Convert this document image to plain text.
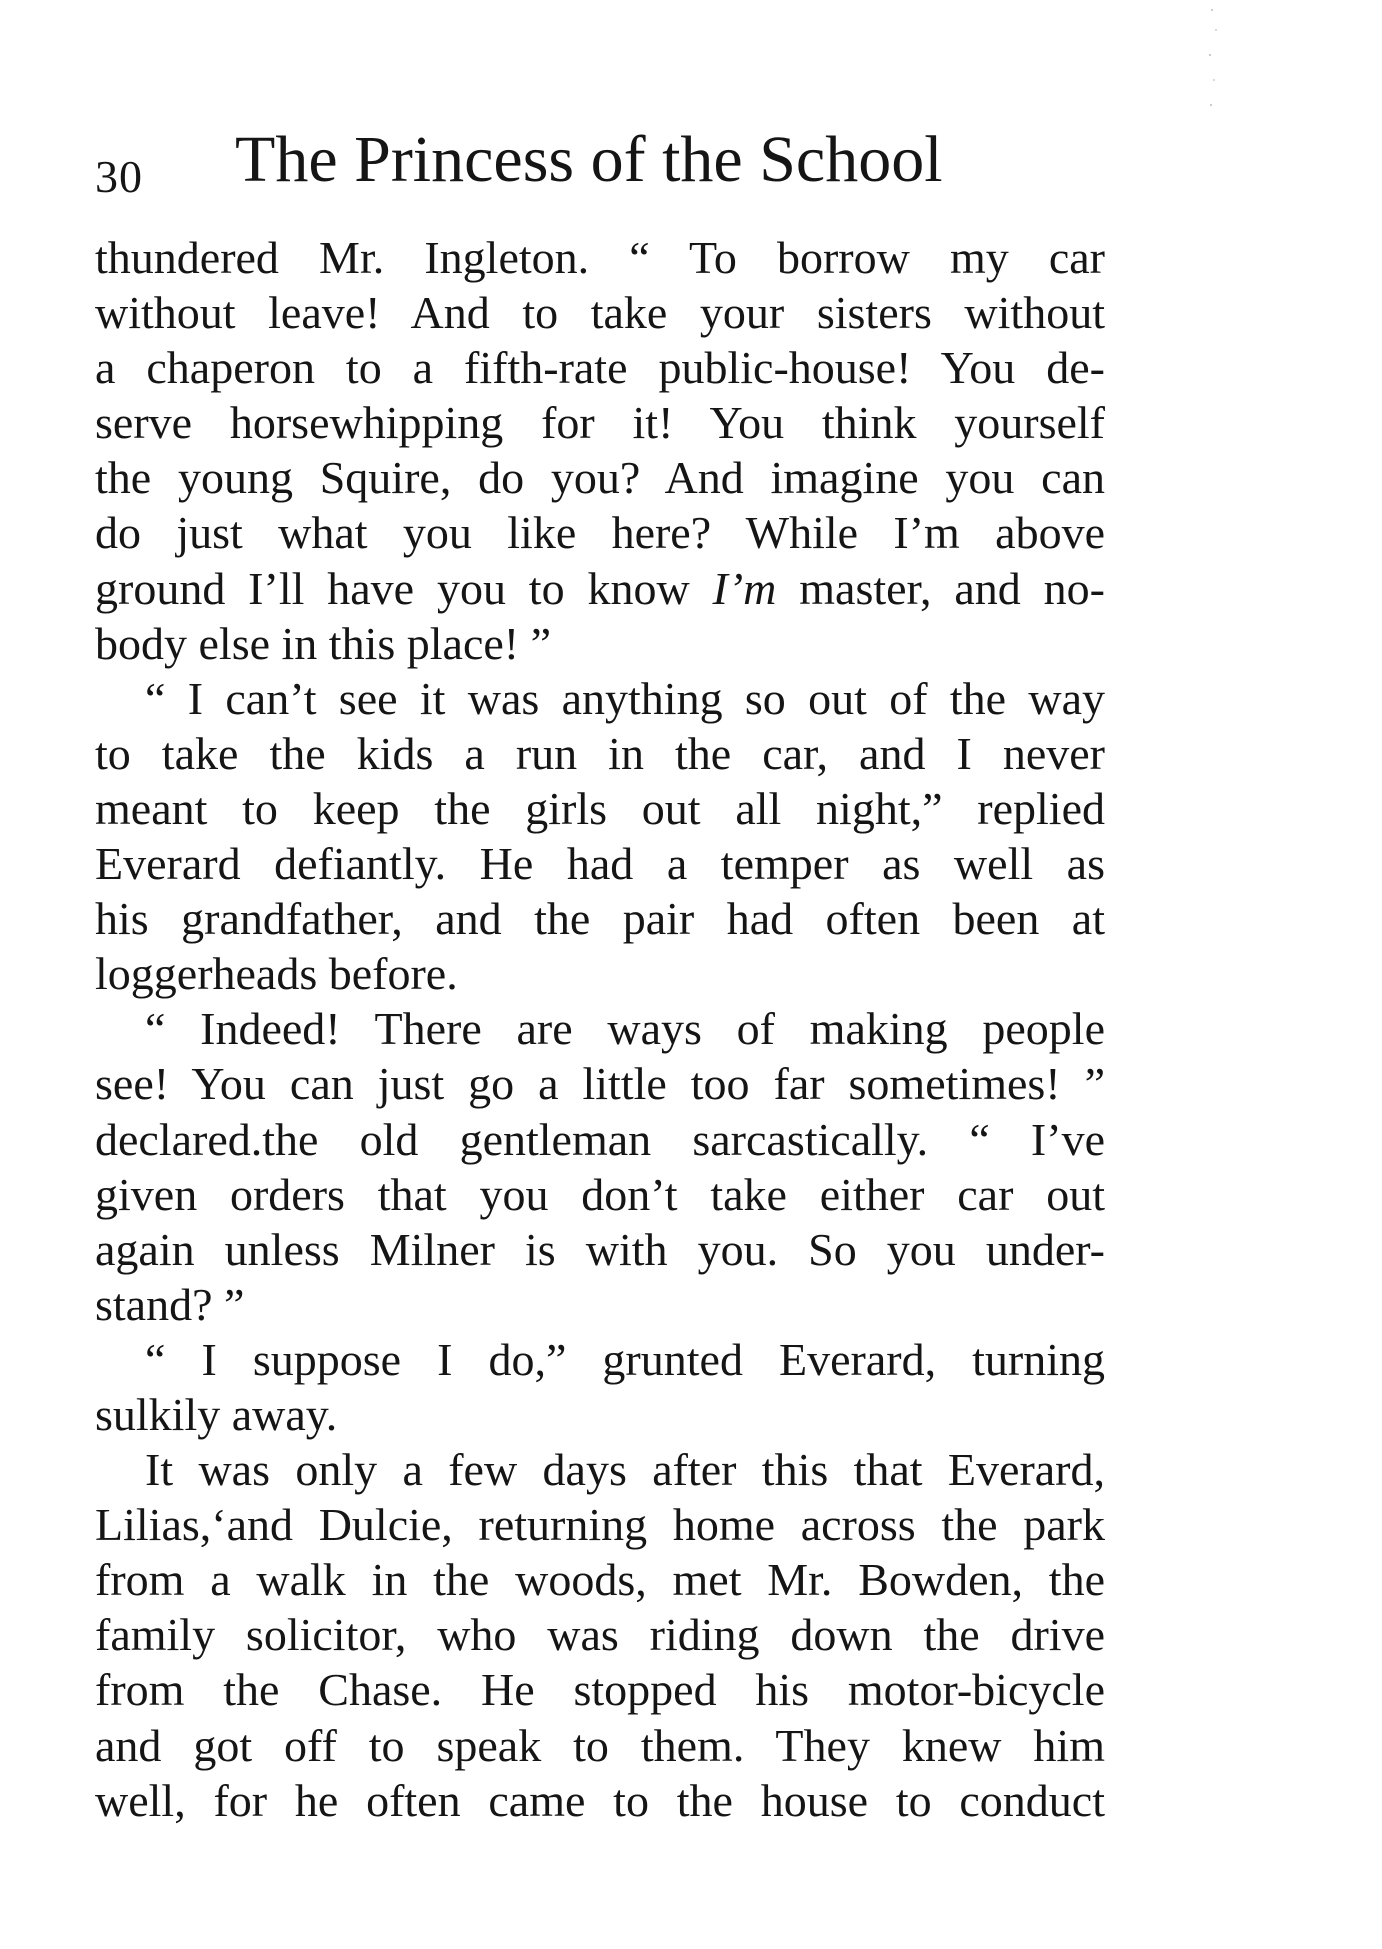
30 The Princess of the School
thundered Mr. Ingleton. “ To borrow my car
without leave! And to take your sisters without
a chaperon to a fifth-rate public-house! You de-
serve horsewhipping for it! You think yourself
the young Squire, do you? And imagine you can
do just what you like here? While I’m above
ground I’ll have you to know I’m master, and no-
body else in this place! ”
“ I can’t see it was anything so out of the way
to take the kids a run in the car, and I never
meant to keep the girls out all night,” replied
Everard defiantly. He had a temper as well as
his grandfather, and the pair had often been at
loggerheads before.
“ Indeed! There are ways of making people
see! You can just go a little too far sometimes! ”
declared.the old gentleman sarcastically. “ I’ve
given orders that you don’t take either car out
again unless Milner is with you. So you under-
stand? ”
“ I suppose I do,” grunted Everard, turning
sulkily away.
It was only a few days after this that Everard,
Lilias,‘and Dulcie, returning home across the park
from a walk in the woods, met Mr. Bowden, the
family solicitor, who was riding down the drive
from the Chase. He stopped his motor-bicycle
and got off to speak to them. They knew him
well, for he often came to the house to conduct
